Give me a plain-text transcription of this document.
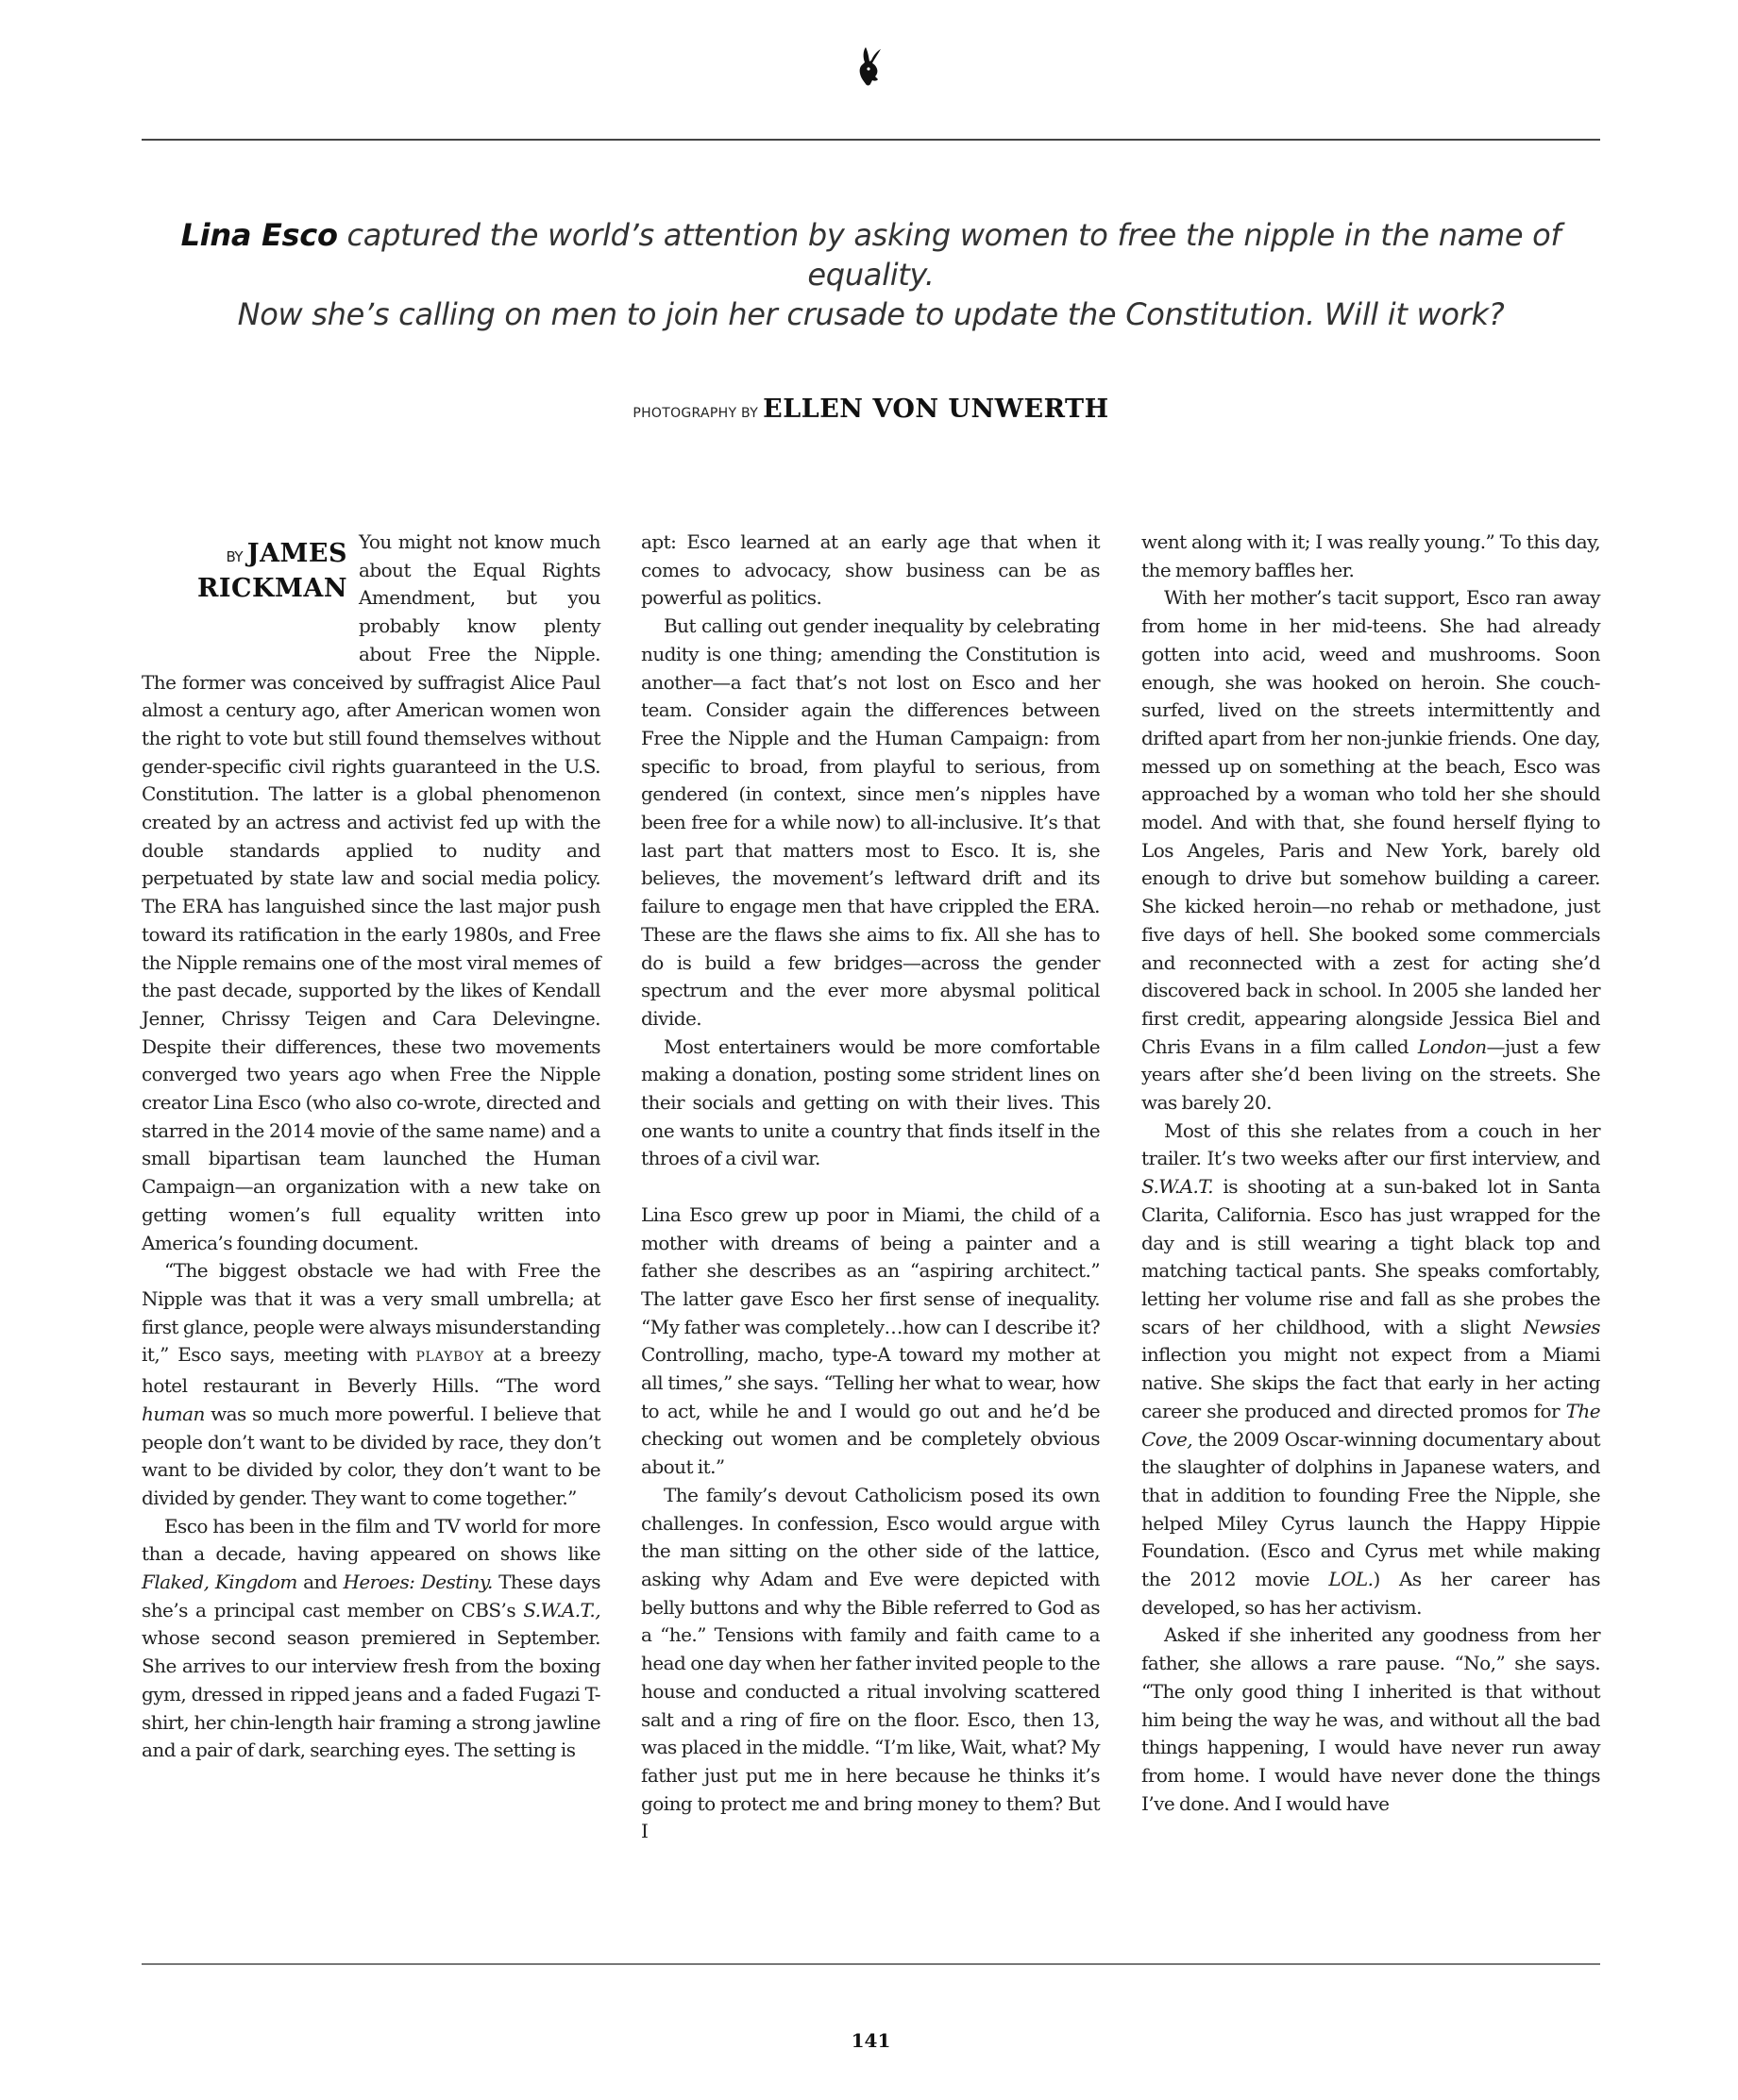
Lina Esco captured the world’s attention by asking women to free the nipple in the name of equality.
Now she’s calling on men to join her crusade to update the Constitution. Will it work?
PHOTOGRAPHY BY ELLEN VON UNWERTH

BY JAMES
RICKMAN
You might not know much about the Equal Rights Amendment, but you probably know plenty about Free the Nipple. The former was conceived by suffragist Alice Paul almost a century ago, after American women won the right to vote but still found themselves without gender-specific civil rights guaranteed in the U.S. Constitution. The latter is a global phenomenon created by an actress and activist fed up with the double standards applied to nudity and perpetuated by state law and social media policy. The ERA has languished since the last major push toward its ratification in the early 1980s, and Free the Nipple remains one of the most viral memes of the past decade, supported by the likes of Kendall Jenner, Chrissy Teigen and Cara Delevingne. Despite their differences, these two movements converged two years ago when Free the Nipple creator Lina Esco (who also co-wrote, directed and starred in the 2014 movie of the same name) and a small bipartisan team launched the Human Campaign—an organization with a new take on getting women’s full equality written into America’s founding document.

“The biggest obstacle we had with Free the Nipple was that it was a very small umbrella; at first glance, people were always misunderstanding it,” Esco says, meeting with PLAYBOY at a breezy hotel restaurant in Beverly Hills. “The word human was so much more powerful. I believe that people don’t want to be divided by race, they don’t want to be divided by color, they don’t want to be divided by gender. They want to come together.”

Esco has been in the film and TV world for more than a decade, having appeared on shows like Flaked, Kingdom and Heroes: Destiny. These days she’s a principal cast member on CBS’s S.W.A.T., whose second season premiered in September. She arrives to our interview fresh from the boxing gym, dressed in ripped jeans and a faded Fugazi T-shirt, her chin-length hair framing a strong jawline and a pair of dark, searching eyes. The setting is

apt: Esco learned at an early age that when it comes to advocacy, show business can be as powerful as politics.

But calling out gender inequality by celebrating nudity is one thing; amending the Constitution is another—a fact that’s not lost on Esco and her team. Consider again the differences between Free the Nipple and the Human Campaign: from specific to broad, from playful to serious, from gendered (in context, since men’s nipples have been free for a while now) to all-inclusive. It’s that last part that matters most to Esco. It is, she believes, the movement’s leftward drift and its failure to engage men that have crippled the ERA. These are the flaws she aims to fix. All she has to do is build a few bridges—across the gender spectrum and the ever more abysmal political divide.

Most entertainers would be more comfortable making a donation, posting some strident lines on their socials and getting on with their lives. This one wants to unite a country that finds itself in the throes of a civil war.

Lina Esco grew up poor in Miami, the child of a mother with dreams of being a painter and a father she describes as an “aspiring architect.” The latter gave Esco her first sense of inequality. “My father was completely…how can I describe it? Controlling, macho, type-A toward my mother at all times,” she says. “Telling her what to wear, how to act, while he and I would go out and he’d be checking out women and be completely obvious about it.”

The family’s devout Catholicism posed its own challenges. In confession, Esco would argue with the man sitting on the other side of the lattice, asking why Adam and Eve were depicted with belly buttons and why the Bible referred to God as a “he.” Tensions with family and faith came to a head one day when her father invited people to the house and conducted a ritual involving scattered salt and a ring of fire on the floor. Esco, then 13, was placed in the middle. “I’m like, Wait, what? My father just put me in here because he thinks it’s going to protect me and bring money to them? But I

went along with it; I was really young.” To this day, the memory baffles her.

With her mother’s tacit support, Esco ran away from home in her mid-teens. She had already gotten into acid, weed and mushrooms. Soon enough, she was hooked on heroin. She couch-surfed, lived on the streets intermittently and drifted apart from her non-junkie friends. One day, messed up on something at the beach, Esco was approached by a woman who told her she should model. And with that, she found herself flying to Los Angeles, Paris and New York, barely old enough to drive but somehow building a career. She kicked heroin—no rehab or methadone, just five days of hell. She booked some commercials and reconnected with a zest for acting she’d discovered back in school. In 2005 she landed her first credit, appearing alongside Jessica Biel and Chris Evans in a film called London—just a few years after she’d been living on the streets. She was barely 20.

Most of this she relates from a couch in her trailer. It’s two weeks after our first interview, and S.W.A.T. is shooting at a sun-baked lot in Santa Clarita, California. Esco has just wrapped for the day and is still wearing a tight black top and matching tactical pants. She speaks comfortably, letting her volume rise and fall as she probes the scars of her childhood, with a slight Newsies inflection you might not expect from a Miami native. She skips the fact that early in her acting career she produced and directed promos for The Cove, the 2009 Oscar-winning documentary about the slaughter of dolphins in Japanese waters, and that in addition to founding Free the Nipple, she helped Miley Cyrus launch the Happy Hippie Foundation. (Esco and Cyrus met while making the 2012 movie LOL.) As her career has developed, so has her activism.

Asked if she inherited any goodness from her father, she allows a rare pause. “No,” she says. “The only good thing I inherited is that without him being the way he was, and without all the bad things happening, I would have never run away from home. I would have never done the things I’ve done. And I would have

141
